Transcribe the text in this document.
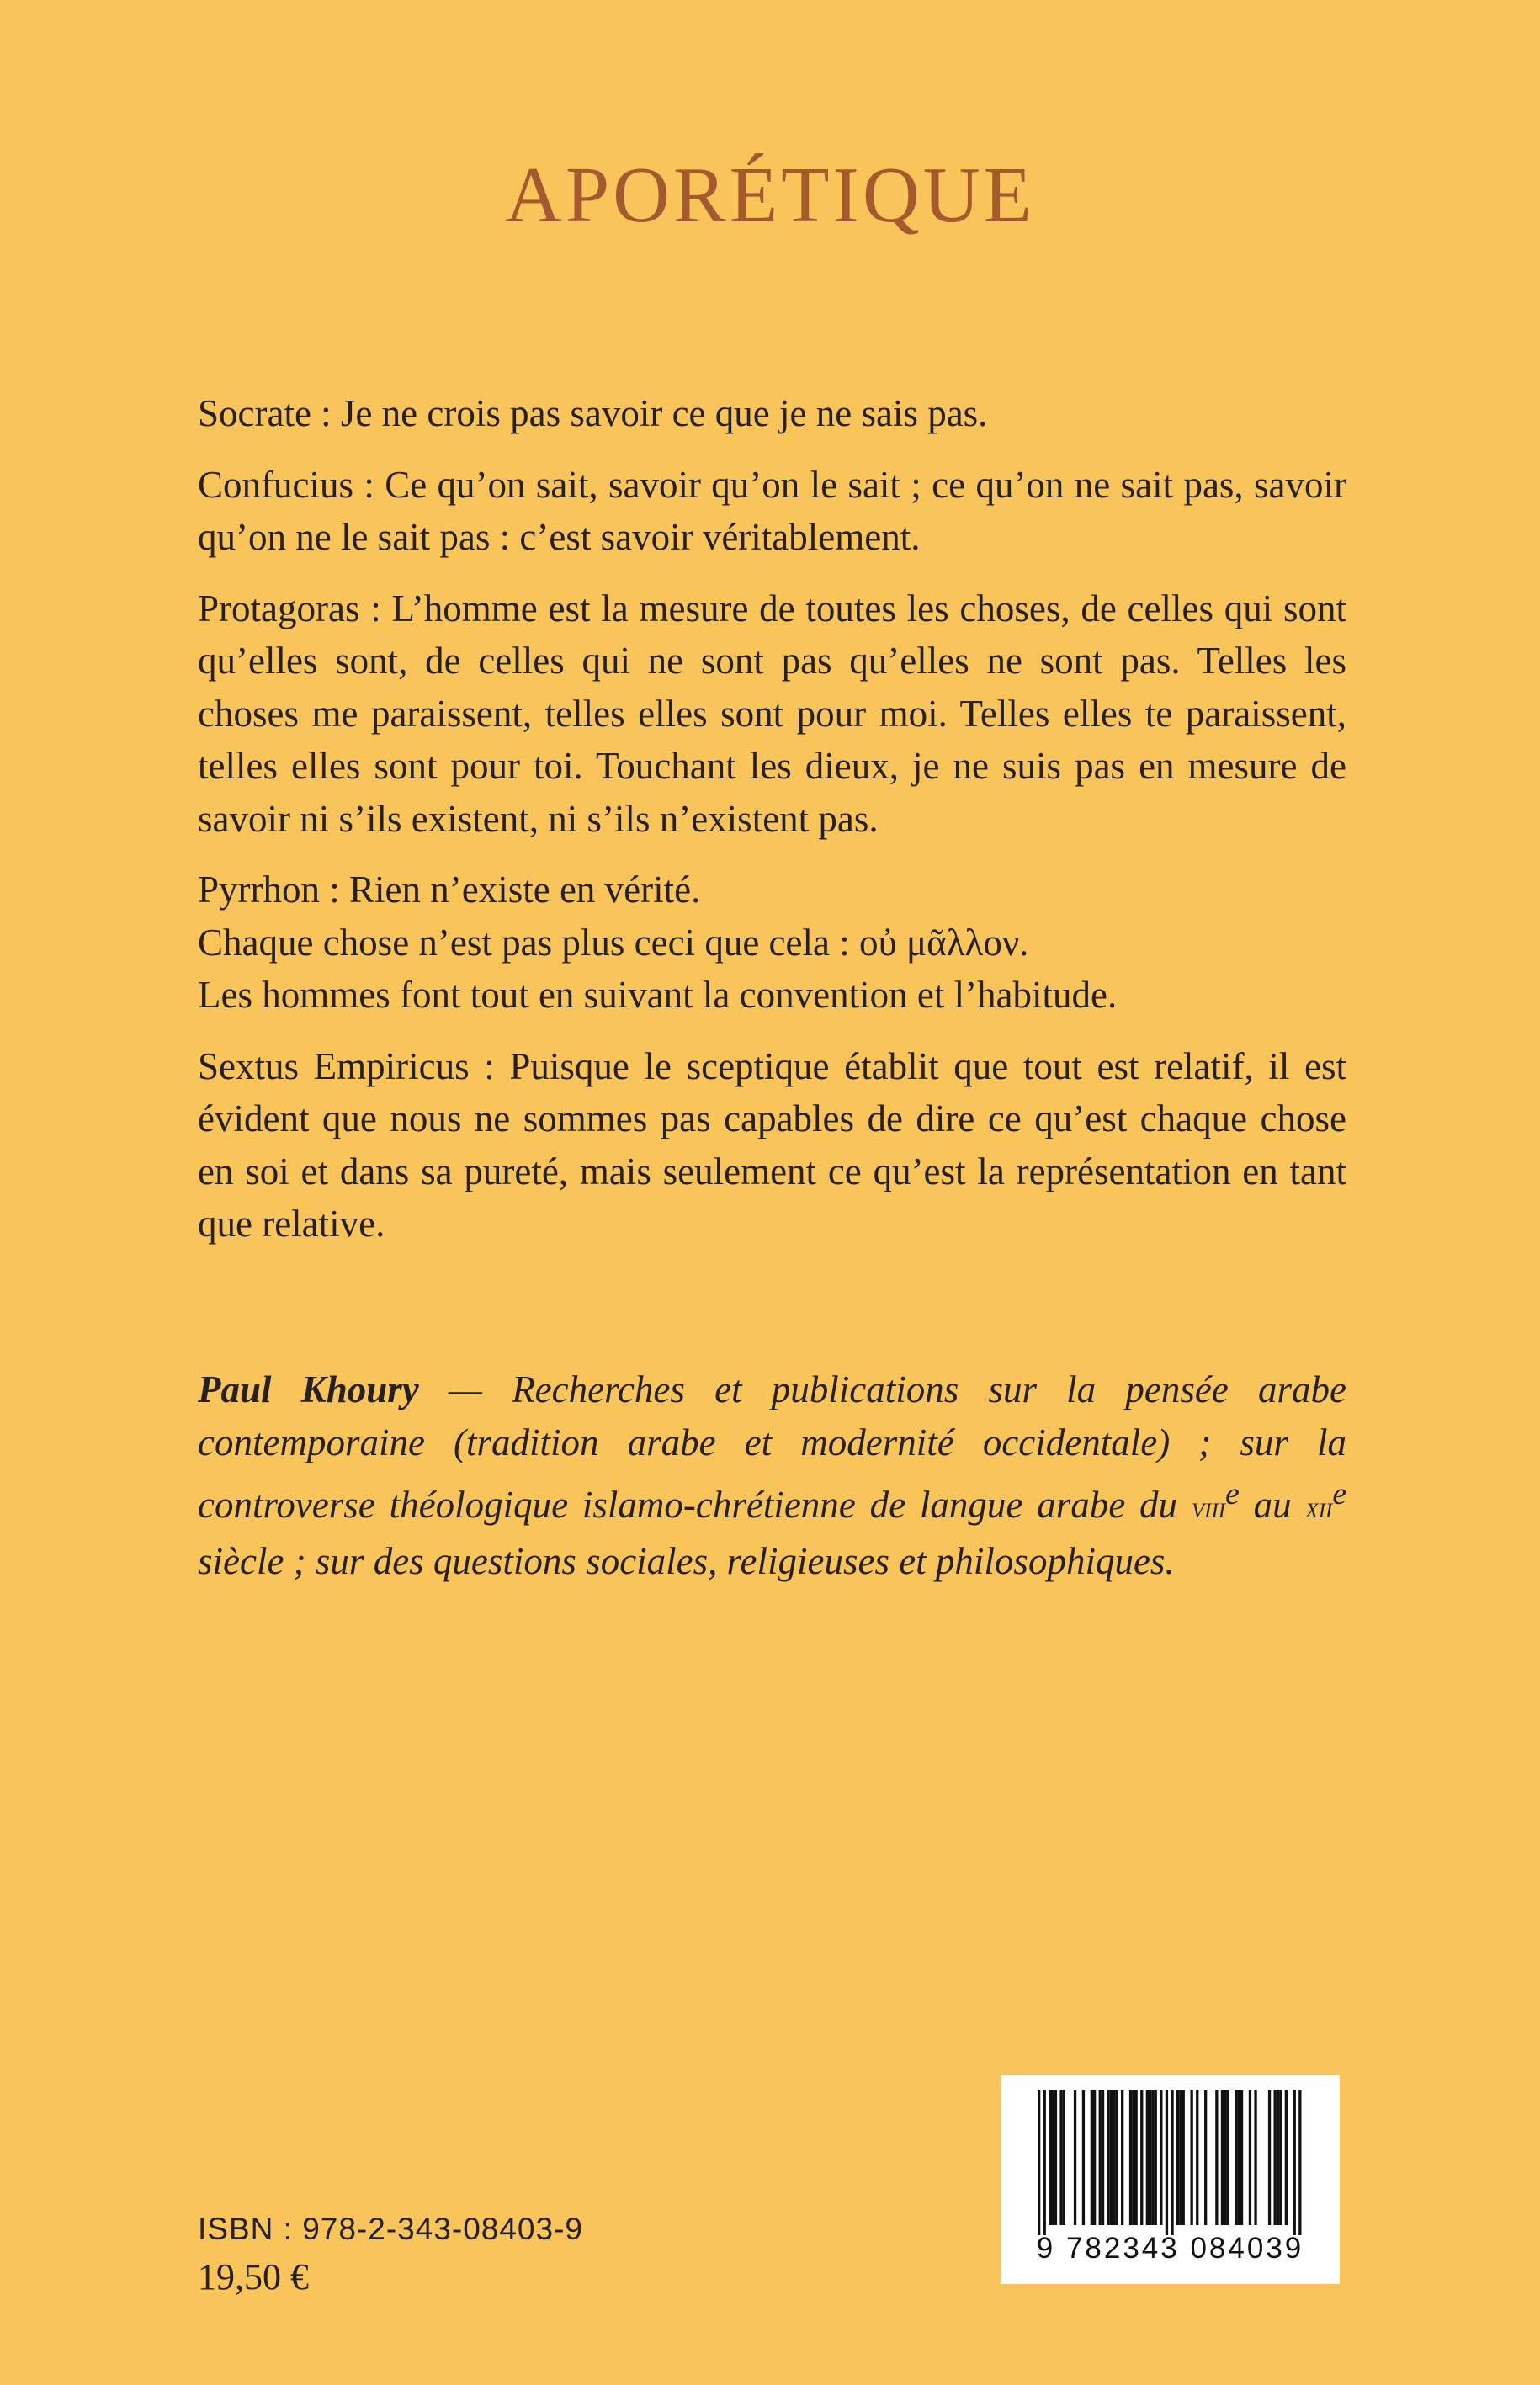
APORÉTIQUE
Socrate : Je ne crois pas savoir ce que je ne sais pas.
Confucius : Ce qu’on sait, savoir qu’on le sait ; ce qu’on ne sait pas, savoir qu’on ne le sait pas : c’est savoir véritablement.
Protagoras : L’homme est la mesure de toutes les choses, de celles qui sont qu’elles sont, de celles qui ne sont pas qu’elles ne sont pas. Telles les choses me paraissent, telles elles sont pour moi. Telles elles te paraissent, telles elles sont pour toi. Touchant les dieux, je ne suis pas en mesure de savoir ni s’ils existent, ni s’ils n’existent pas.
Pyrrhon : Rien n’existe en vérité.
Chaque chose n’est pas plus ceci que cela : οὐ μᾶλλον.
Les hommes font tout en suivant la convention et l’habitude.
Sextus Empiricus : Puisque le sceptique établit que tout est relatif, il est évident que nous ne sommes pas capables de dire ce qu’est chaque chose en soi et dans sa pureté, mais seulement ce qu’est la représentation en tant que relative.
Paul Khoury — Recherches et publications sur la pensée arabe contemporaine (tradition arabe et modernité occidentale) ; sur la controverse théologique islamo-chrétienne de langue arabe du viii$^e$ au xii$^e$ siècle ; sur des questions sociales, religieuses et philosophiques.
ISBN : 978-2-343-08403-9
19,50 €
9 782343 084039
